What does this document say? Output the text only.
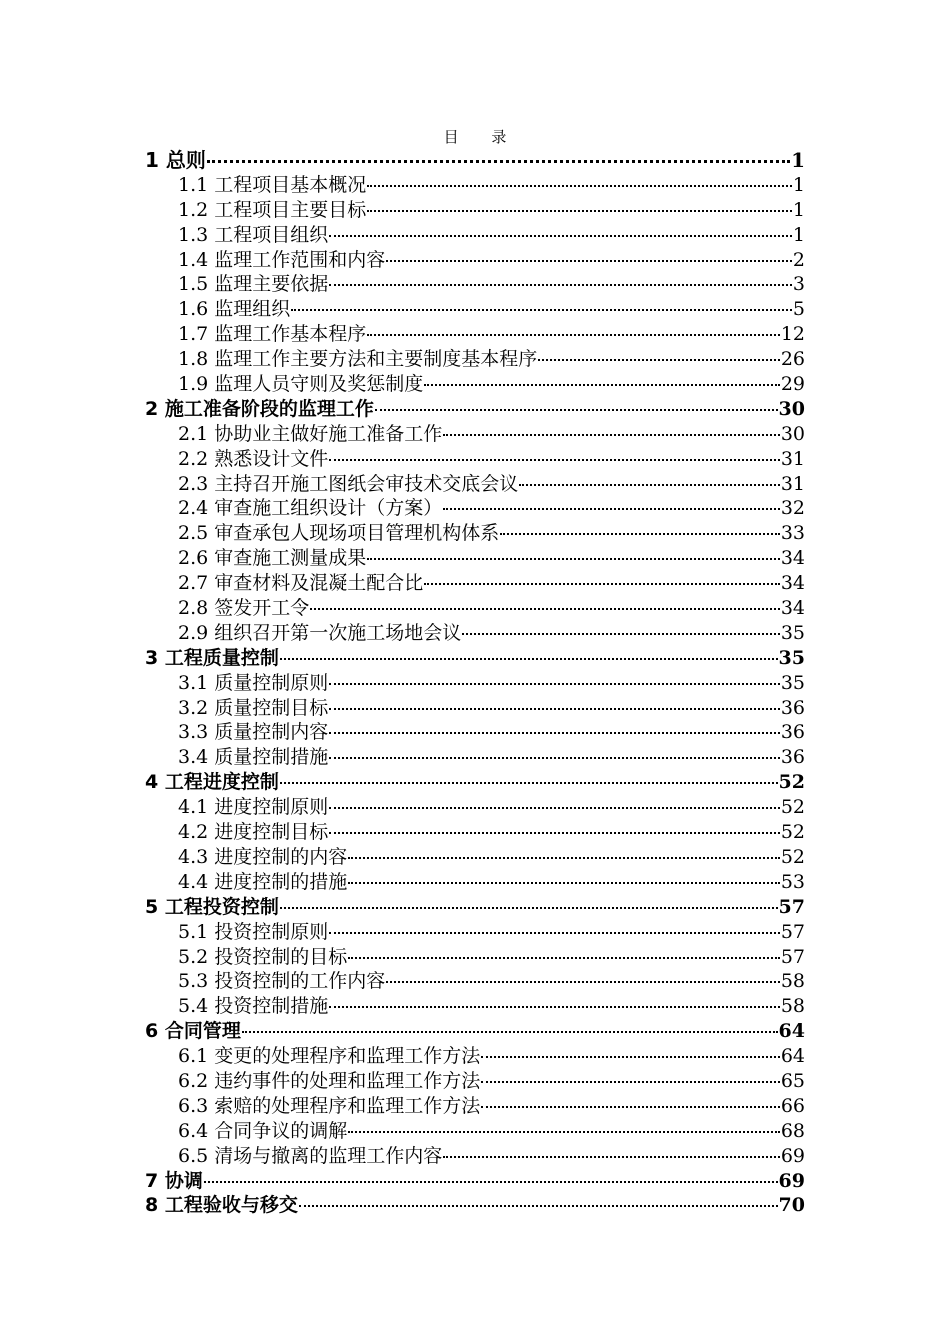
目 录
1 总则	1
1.1 工程项目基本概况	1
1.2 工程项目主要目标	1
1.3 工程项目组织	1
1.4 监理工作范围和内容	2
1.5 监理主要依据	3
1.6 监理组织	5
1.7 监理工作基本程序	12
1.8 监理工作主要方法和主要制度基本程序	26
1.9 监理人员守则及奖惩制度	29
2 施工准备阶段的监理工作	30
2.1 协助业主做好施工准备工作	30
2.2 熟悉设计文件	31
2.3 主持召开施工图纸会审技术交底会议	31
2.4 审查施工组织设计（方案）	32
2.5 审查承包人现场项目管理机构体系	33
2.6 审查施工测量成果	34
2.7 审查材料及混凝土配合比	34
2.8 签发开工令	34
2.9 组织召开第一次施工场地会议	35
3 工程质量控制	35
3.1 质量控制原则	35
3.2 质量控制目标	36
3.3 质量控制内容	36
3.4 质量控制措施	36
4 工程进度控制	52
4.1 进度控制原则	52
4.2 进度控制目标	52
4.3 进度控制的内容	52
4.4 进度控制的措施	53
5 工程投资控制	57
5.1 投资控制原则	57
5.2 投资控制的目标	57
5.3 投资控制的工作内容	58
5.4 投资控制措施	58
6 合同管理	64
6.1 变更的处理程序和监理工作方法	64
6.2 违约事件的处理和监理工作方法	65
6.3 索赔的处理程序和监理工作方法	66
6.4 合同争议的调解	68
6.5 清场与撤离的监理工作内容	69
7 协调	69
8 工程验收与移交	70
